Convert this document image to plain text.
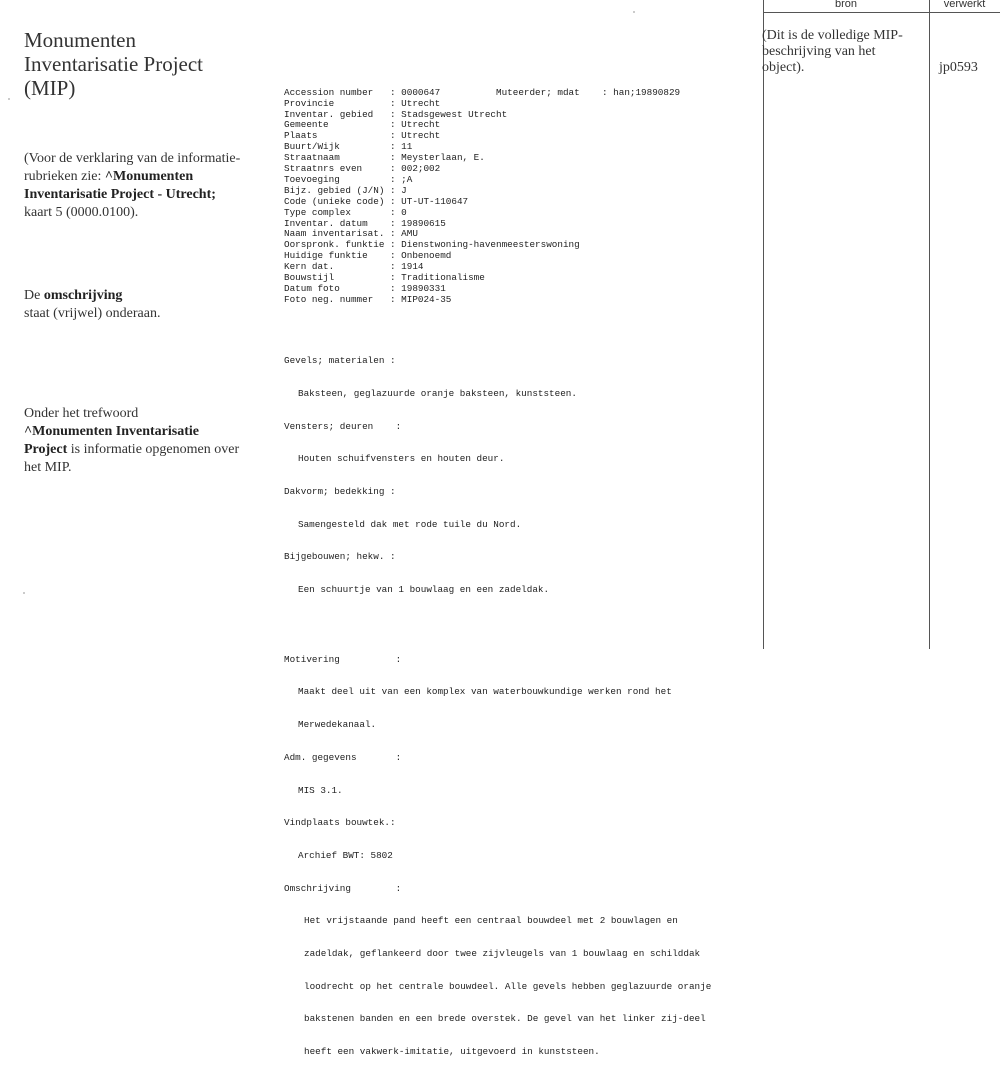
Monumenten Inventarisatie Project (MIP)
(Voor de verklaring van de informatie-rubrieken zie: ^Monumenten Inventarisatie Project - Utrecht; kaart 5 (0000.0100).
De omschrijving
staat (vrijwel) onderaan.
Onder het trefwoord
^Monumenten Inventarisatie Project is informatie opgenomen over het MIP.

Accession number   : 0000647          Muteerder; mdat    : han;19890829
Provincie          : Utrecht
Inventar. gebied   : Stadsgewest Utrecht
Gemeente           : Utrecht
Plaats             : Utrecht
Buurt/Wijk         : 11
Straatnaam         : Meysterlaan, E.
Straatnrs even     : 002;002
Toevoeging         : ;A
Bijz. gebied (J/N) : J
Code (unieke code) : UT-UT-110647
Type complex       : 0
Inventar. datum    : 19890615
Naam inventarisat. : AMU
Oorspronk. funktie : Dienstwoning-havenmeesterswoning
Huidige funktie    : Onbenoemd
Kern dat.          : 1914
Bouwstijl          : Traditionalisme
Datum foto         : 19890331
Foto neg. nummer   : MIP024-35

Gevels; materialen :

Baksteen, geglazuurde oranje baksteen, kunststeen.

Vensters; deuren    :

Houten schuifvensters en houten deur.

Dakvorm; bedekking :

Samengesteld dak met rode tuile du Nord.

Bijgebouwen; hekw. :

Een schuurtje van 1 bouwlaag en een zadeldak.

Motivering          :

Maakt deel uit van een komplex van waterbouwkundige werken rond het

Merwedekanaal.

Adm. gegevens       :

MIS 3.1.

Vindplaats bouwtek.:

Archief BWT: 5802

Omschrijving        :

Het vrijstaande pand heeft een centraal bouwdeel met 2 bouwlagen en

zadeldak, geflankeerd door twee zijvleugels van 1 bouwlaag en schilddak

loodrecht op het centrale bouwdeel. Alle gevels hebben geglazuurde oranje

bakstenen banden en een brede overstek. De gevel van het linker zij-deel

heeft een vakwerk-imitatie, uitgevoerd in kunststeen.

bron	verwerkt
(Dit is de volledige MIP-beschrijving van het object).	jp0593
